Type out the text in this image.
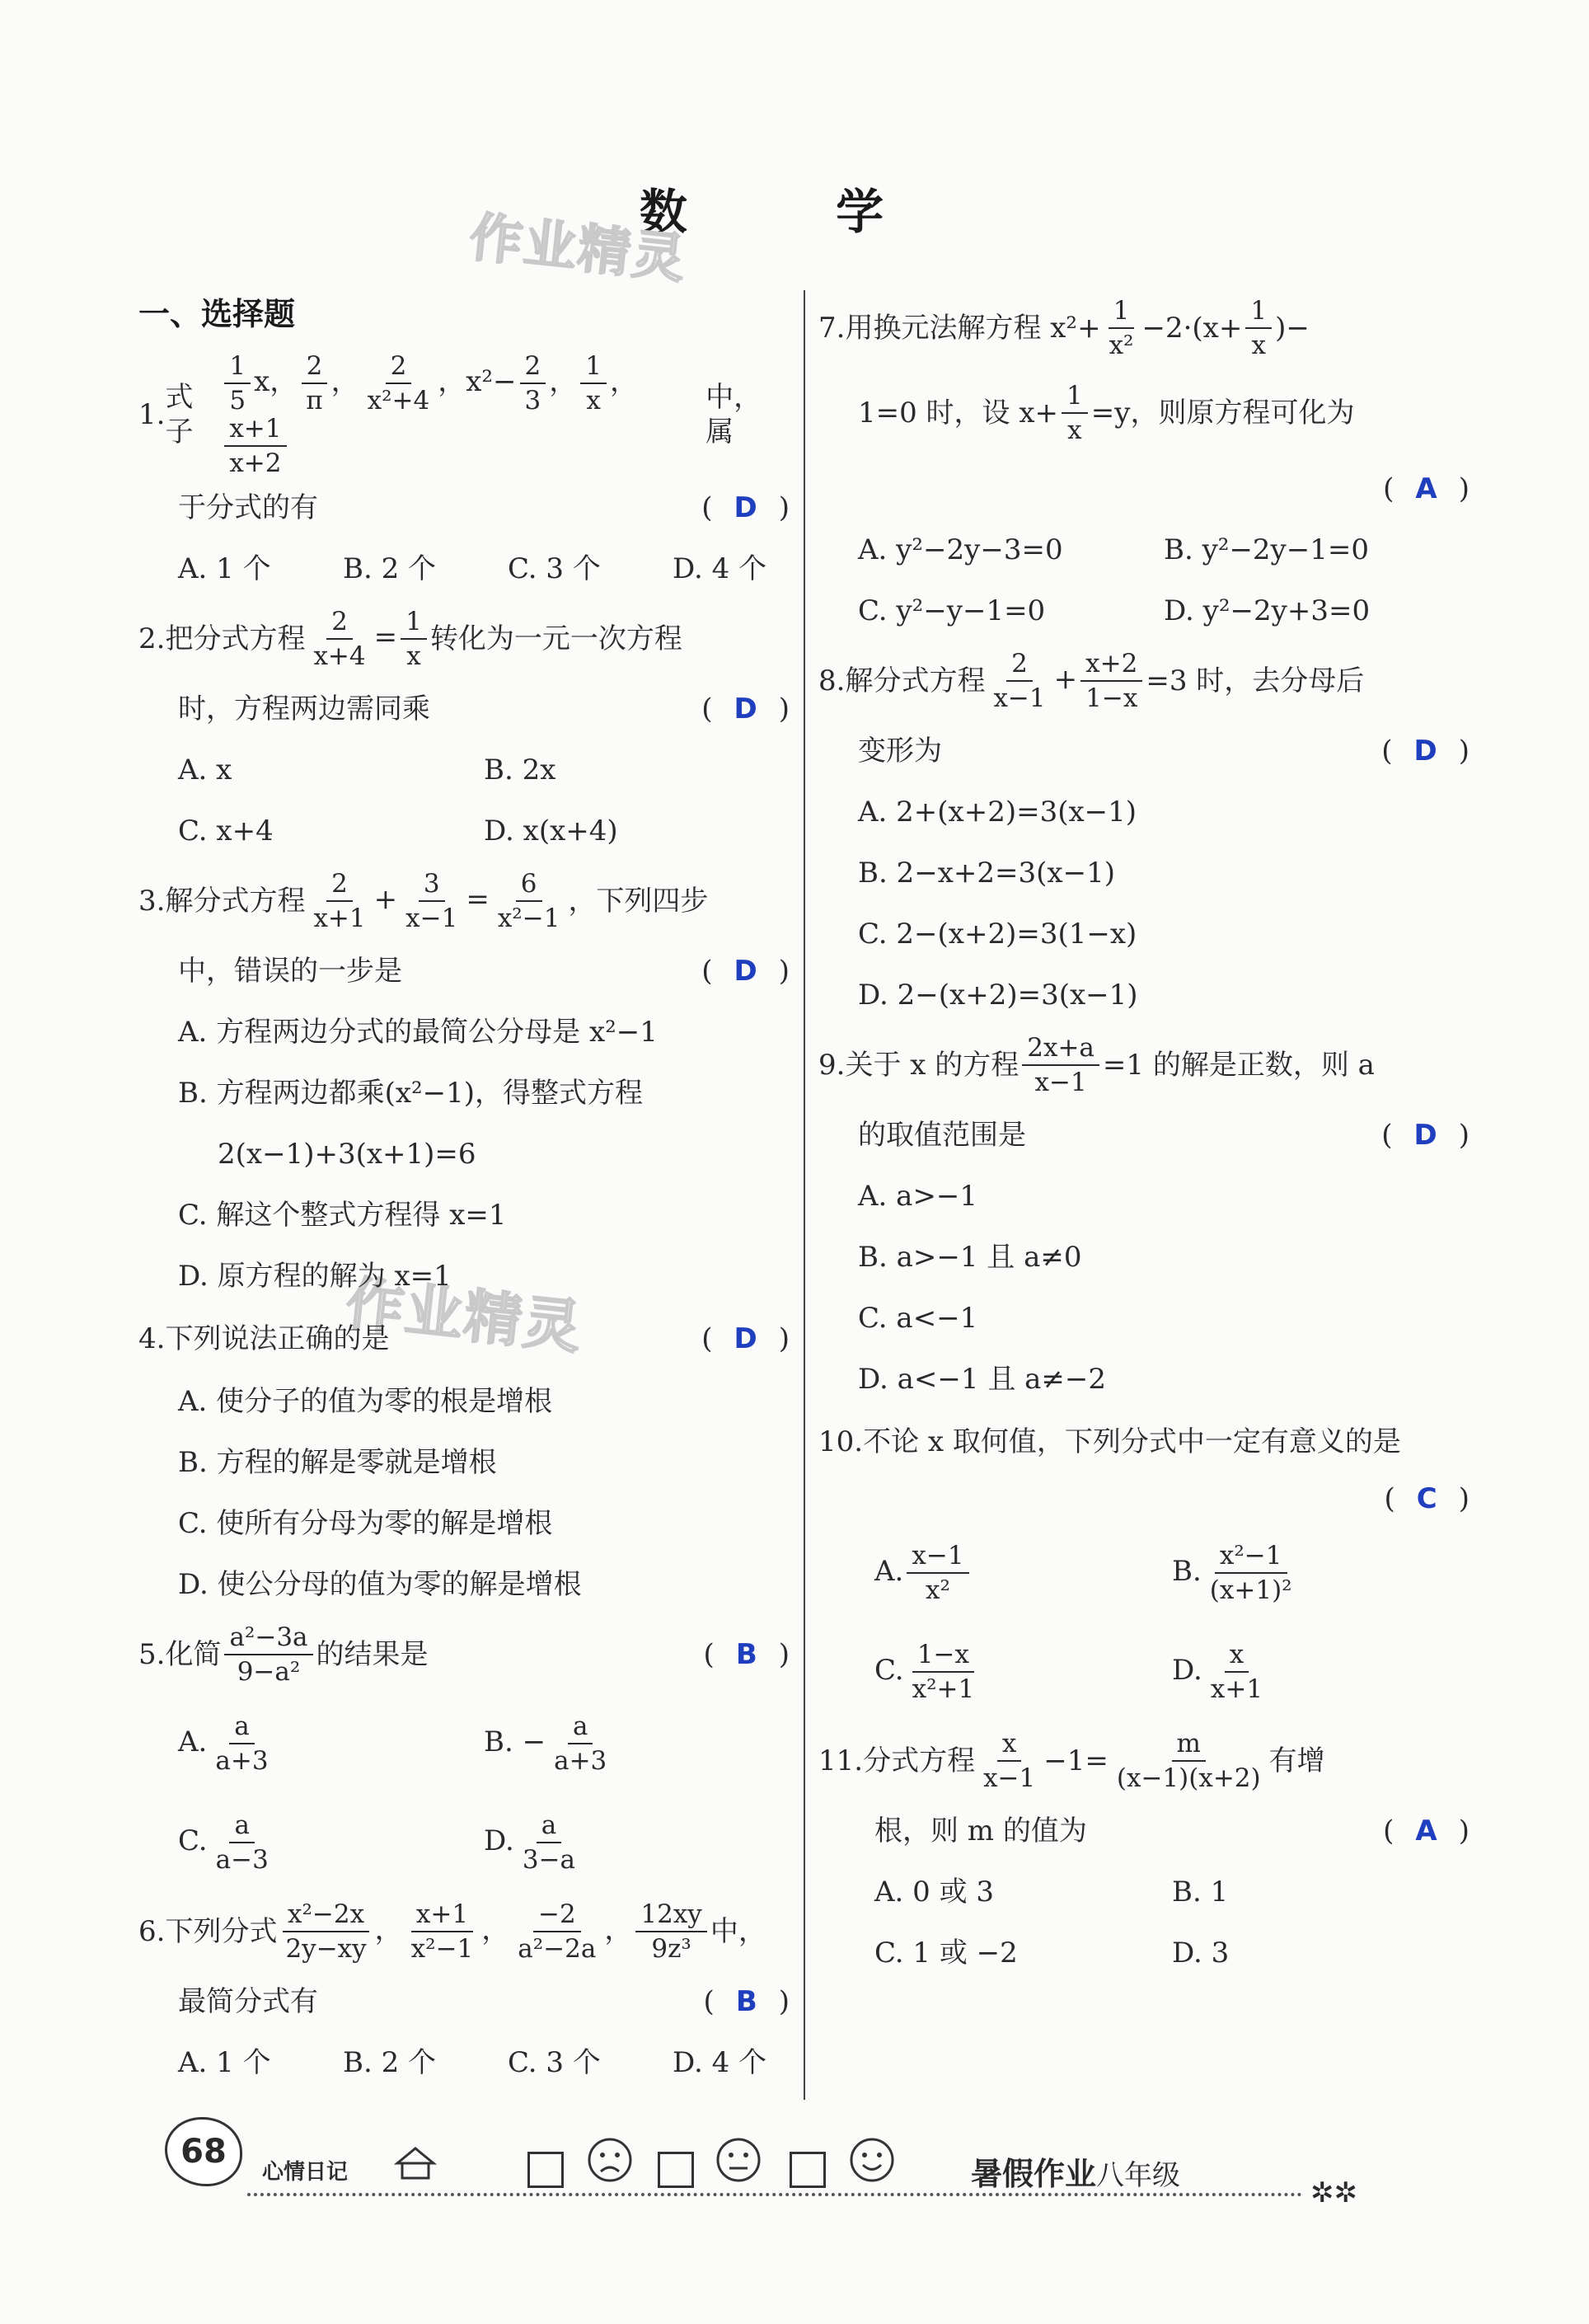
数 学
作业精灵
作业精灵
一、选择题
1.
式子
$\frac{1}{5}$ x， $\frac{2}{\pi}$ ， $\frac{2}{\text{x²+4}}$ ，$x^2- \frac{2}{3}$ ， $\frac{1}{x}$ ，
$\frac{x+1}{x+2}$
中，属
于分式的有	( D )
A. 1 个	B. 2 个	C. 3 个	D. 4 个
2. 把分式方程 $\frac{2}{x+4} = \frac{1}{x}$ 转化为一元一次方程
时，方程两边需同乘	( D )
A. x	B. 2x
C. x+4	D. x(x+4)
3. 解分式方程 $\frac{2}{x+1} + \frac{3}{x-1} = \frac{6}{\text{x²−1}}$ ，下列四步
中，错误的一步是	( D )
A. 方程两边分式的最简公分母是 x²−1
B. 方程两边都乘(x²−1)，得整式方程
2(x−1)+3(x+1)=6
C. 解这个整式方程得 x=1
D. 原方程的解为 x=1
4.下列说法正确的是	( D )
A. 使分子的值为零的根是增根
B. 方程的解是零就是增根
C. 使所有分母为零的解是增根
D. 使公分母的值为零的解是增根
5. 化简 $\frac{\text{a²−3a}}{\text{9−a²}}$ 的结果是	( B )
A. $\frac{a}{a+3}$	B. − $\frac{a}{a+3}$
C. $\frac{a}{a-3}$	D. $\frac{a}{3-a}$
6. 下列分式 $\frac{\text{x²−2x}}{2y-xy}$ ， $\frac{x+1}{\text{x²−1}}$ ， $\frac{-2}{\text{a²−2a}}$ ， $\frac{12xy}{\text{9z³}}$ 中，
最简分式有	( B )
A. 1 个	B. 2 个	C. 3 个	D. 4 个
7. 用换元法解方程 $x^2+ \frac{1}{\text{x²}} -2\cdot(x+ \frac{1}{x}$ )−
1=0 时，设 $x+ \frac{1}{x} =y$，则原方程可化为
( A )
A. y²−2y−3=0	B. y²−2y−1=0
C. y²−y−1=0	D. y²−2y+3=0
8. 解分式方程 $\frac{2}{x-1} + \frac{x+2}{1-x} =3$ 时，去分母后
变形为	( D )
A. 2+(x+2)=3(x−1)
B. 2−x+2=3(x−1)
C. 2−(x+2)=3(1−x)
D. 2−(x+2)=3(x−1)
9. 关于 x 的方程 $\frac{2x+a}{x-1} =1$ 的解是正数，则 a
的取值范围是	( D )
A. a>−1
B. a>−1 且 a≠0
C. a<−1
D. a<−1 且 a≠−2
10. 不论 x 取何值，下列分式中一定有意义的是
( C )
A. $\frac{x-1}{\text{x²}}$	B. $\frac{\text{x²−1}}{\text{(x+1)²}}$
C. $\frac{1-x}{\text{x²+1}}$	D. $\frac{x}{x+1}$
11. 分式方程 $\frac{x}{x-1} -1= \frac{m}{(x-1)(x+2)}$ 有增
根，则 m 的值为	( A )
A. 0 或 3	B. 1
C. 1 或 −2	D. 3
68
心情日记	暑假作业八年级
✲✲
